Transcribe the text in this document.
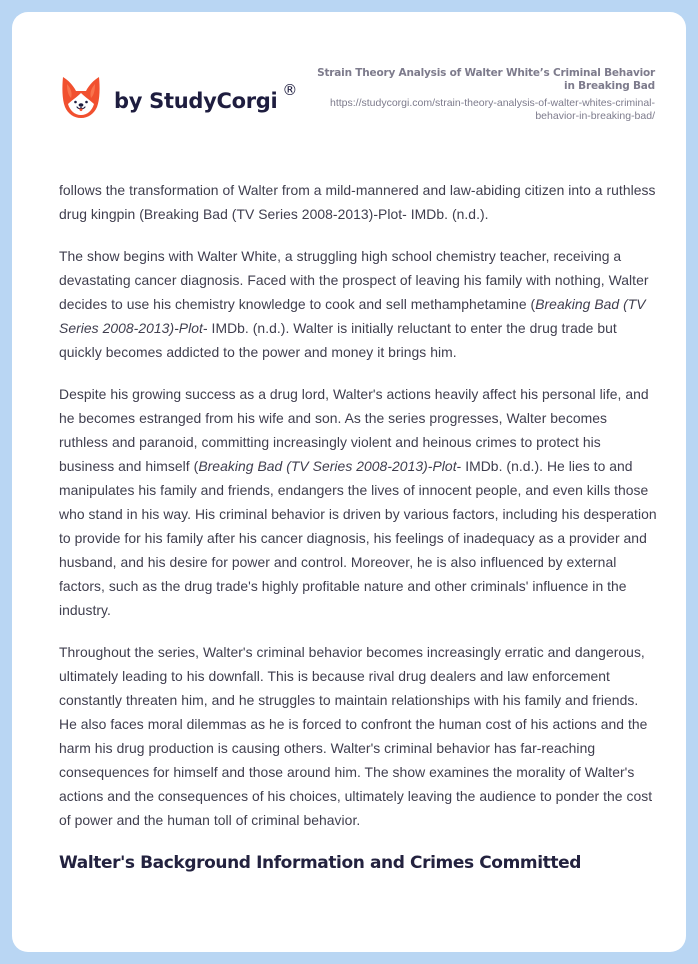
by StudyCorgi ®
Strain Theory Analysis of Walter White’s Criminal Behavior in Breaking Bad
https://studycorgi.com/strain-theory-analysis-of-walter-whites-criminal-behavior-in-breaking-bad/

follows the transformation of Walter from a mild-mannered and law-abiding citizen into a ruthless drug kingpin (Breaking Bad (TV Series 2008-2013)-Plot- IMDb. (n.d.).

The show begins with Walter White, a struggling high school chemistry teacher, receiving a devastating cancer diagnosis. Faced with the prospect of leaving his family with nothing, Walter decides to use his chemistry knowledge to cook and sell methamphetamine (Breaking Bad (TV Series 2008-2013)-Plot- IMDb. (n.d.). Walter is initially reluctant to enter the drug trade but quickly becomes addicted to the power and money it brings him.

Despite his growing success as a drug lord, Walter's actions heavily affect his personal life, and he becomes estranged from his wife and son. As the series progresses, Walter becomes ruthless and paranoid, committing increasingly violent and heinous crimes to protect his business and himself (Breaking Bad (TV Series 2008-2013)-Plot- IMDb. (n.d.). He lies to and manipulates his family and friends, endangers the lives of innocent people, and even kills those who stand in his way. His criminal behavior is driven by various factors, including his desperation to provide for his family after his cancer diagnosis, his feelings of inadequacy as a provider and husband, and his desire for power and control. Moreover, he is also influenced by external factors, such as the drug trade's highly profitable nature and other criminals' influence in the industry.

Throughout the series, Walter's criminal behavior becomes increasingly erratic and dangerous, ultimately leading to his downfall. This is because rival drug dealers and law enforcement constantly threaten him, and he struggles to maintain relationships with his family and friends. He also faces moral dilemmas as he is forced to confront the human cost of his actions and the harm his drug production is causing others. Walter's criminal behavior has far-reaching consequences for himself and those around him. The show examines the morality of Walter's actions and the consequences of his choices, ultimately leaving the audience to ponder the cost of power and the human toll of criminal behavior.

Walter's Background Information and Crimes Committed
